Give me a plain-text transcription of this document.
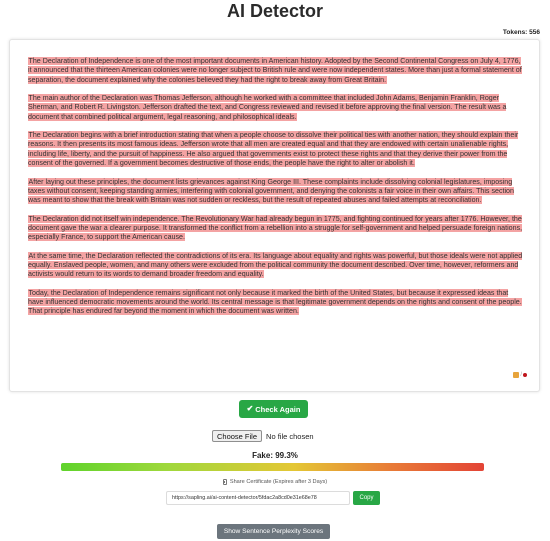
AI Detector
Tokens: 556

The Declaration of Independence is one of the most important documents in American history. Adopted by the Second Continental Congress on July 4, 1776, it announced that the thirteen American colonies were no longer subject to British rule and were now independent states. More than just a formal statement of separation, the document explained why the colonies believed they had the right to break away from Great Britain.

The main author of the Declaration was Thomas Jefferson, although he worked with a committee that included John Adams, Benjamin Franklin, Roger Sherman, and Robert R. Livingston. Jefferson drafted the text, and Congress reviewed and revised it before approving the final version. The result was a document that combined political argument, legal reasoning, and philosophical ideals.

The Declaration begins with a brief introduction stating that when a people choose to dissolve their political ties with another nation, they should explain their reasons. It then presents its most famous ideas. Jefferson wrote that all men are created equal and that they are endowed with certain unalienable rights, including life, liberty, and the pursuit of happiness. He also argued that governments exist to protect these rights and that they derive their power from the consent of the governed. If a government becomes destructive of those ends, the people have the right to alter or abolish it.

After laying out these principles, the document lists grievances against King George III. These complaints include dissolving colonial legislatures, imposing taxes without consent, keeping standing armies, interfering with colonial government, and denying the colonists a fair voice in their own affairs. This section was meant to show that the break with Britain was not sudden or reckless, but the result of repeated abuses and failed attempts at reconciliation.

The Declaration did not itself win independence. The Revolutionary War had already begun in 1775, and fighting continued for years after 1776. However, the document gave the war a clearer purpose. It transformed the conflict from a rebellion into a struggle for self-government and helped persuade foreign nations, especially France, to support the American cause.

At the same time, the Declaration reflected the contradictions of its era. Its language about equality and rights was powerful, but those ideals were not applied equally. Enslaved people, women, and many others were excluded from the political community the document described. Over time, however, reformers and activists would return to its words to demand broader freedom and equality.

Today, the Declaration of Independence remains significant not only because it marked the birth of the United States, but because it expressed ideas that have influenced democratic movements around the world. Its central message is that legitimate government depends on the rights and consent of the people. That principle has endured far beyond the moment in which the document was written.

/
✔ Check Again
Choose File	No file chosen
Fake: 99.3%
Share Certificate (Expires after 3 Days)
https://sapling.ai/ai-content-detector/5fdac2a8cd0e31e68e78
Copy
Show Sentence Perplexity Scores
